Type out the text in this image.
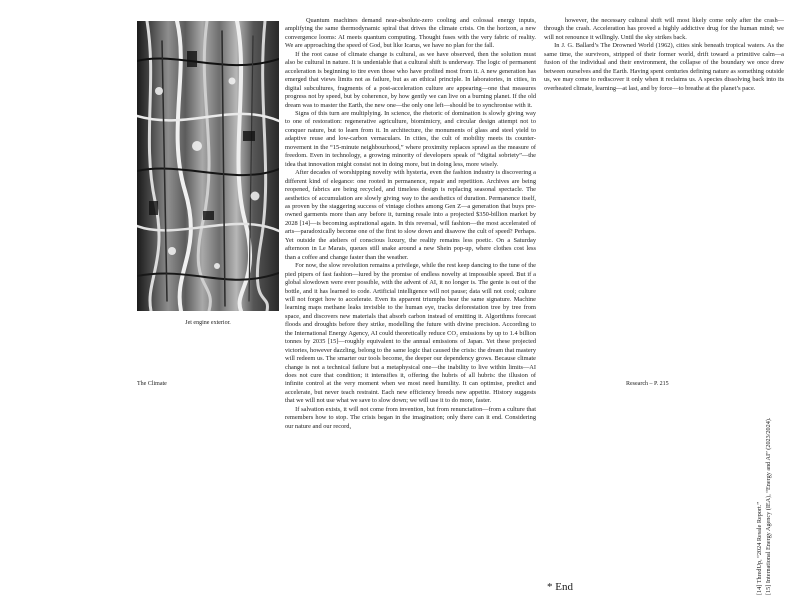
Jet engine exterior.
The Climate	Research – P. 215

Quantum machines demand near-absolute-zero cooling and colossal energy inputs, amplifying the same thermodynamic spiral that drives the climate crisis. On the horizon, a new convergence looms: AI meets quantum computing. Thought fuses with the very fabric of reality. We are approaching the speed of God, but like Icarus, we have no plan for the fall.

If the root cause of climate change is cultural, as we have observed, then the solution must also be cultural in nature. It is undeniable that a cultural shift is underway. The logic of permanent acceleration is beginning to tire even those who have profited most from it. A new generation has emerged that views limits not as failure, but as an ethical principle. In laboratories, in cities, in digital subcultures, fragments of a post-acceleration culture are appearing—one that measures progress not by speed, but by coherence, by how gently we can live on a burning planet. If the old dream was to master the Earth, the new one—the only one left—should be to synchronise with it.

Signs of this turn are multiplying. In science, the rhetoric of domination is slowly giving way to one of restoration: regenerative agriculture, biomimicry, and circular design attempt not to conquer nature, but to learn from it. In architecture, the monuments of glass and steel yield to adaptive reuse and low-carbon vernaculars. In cities, the cult of mobility meets its counter-movement in the “15-minute neighbourhood,” where proximity replaces sprawl as the measure of freedom. Even in technology, a growing minority of developers speak of “digital sobriety”—the idea that innovation might consist not in doing more, but in doing less, more wisely.

After decades of worshipping novelty with hysteria, even the fashion industry is discovering a different kind of elegance: one rooted in permanence, repair and repetition. Archives are being reopened, fabrics are being recycled, and timeless design is replacing seasonal spectacle. The aesthetics of accumulation are slowly giving way to the aesthetics of duration. Permanence itself, as proven by the staggering success of vintage clothes among Gen Z—a generation that buys pre-owned garments more than any before it, turning resale into a projected $350-billion market by 2028 [14]—is becoming aspirational again. In this reversal, will fashion—the most accelerated of arts—paradoxically become one of the first to slow down and disavow the cult of speed? Perhaps. Yet outside the ateliers of conscious luxury, the reality remains less poetic. On a Saturday afternoon in Le Marais, queues still snake around a new Shein pop-up, where clothes cost less than a coffee and change faster than the weather.

For now, the slow revolution remains a privilege, while the rest keep dancing to the tune of the pied pipers of fast fashion—lured by the promise of endless novelty at impossible speed. But if a global slowdown were ever possible, with the advent of AI, it no longer is. The genie is out of the bottle, and it has learned to code. Artificial intelligence will not pause; data will not cool; culture will not forget how to accelerate. Even its apparent triumphs bear the same signature. Machine learning maps methane leaks invisible to the human eye, tracks deforestation tree by tree from space, and discovers new materials that absorb carbon instead of emitting it. Algorithms forecast floods and droughts before they strike, modelling the future with divine precision. According to the International Energy Agency, AI could theoretically reduce CO₂ emissions by up to 1.4 billion tonnes by 2035 [15]—roughly equivalent to the annual emissions of Japan. Yet these projected victories, however dazzling, belong to the same logic that caused the crisis: the dream that mastery will redeem us. The smarter our tools become, the deeper our dependency grows. Because climate change is not a technical failure but a metaphysical one—the inability to live within limits—AI does not cure that condition; it intensifies it, offering the hubris of all hubris: the illusion of infinite control at the very moment when we most need humility. It can optimise, predict and accelerate, but never teach restraint. Each new efficiency breeds new appetite. History suggests that we will not use what we save to slow down; we will use it to do more, faster.

If salvation exists, it will not come from invention, but from renunciation—from a culture that remembers how to stop. The crisis began in the imagination; only there can it end. Considering our nature and our record,

however, the necessary cultural shift will most likely come only after the crash—through the crash. Acceleration has proved a highly addictive drug for the human mind; we will not renounce it willingly. Until the sky strikes back.

In J. G. Ballard’s The Drowned World (1962), cities sink beneath tropical waters. As the same time, the survivors, stripped of their former world, drift toward a primitive calm—a fusion of the individual and their environment, the collapse of the boundary we once drew between ourselves and the Earth. Having spent centuries defining nature as something outside us, we may come to rediscover it only when it reclaims us. A species dissolving back into its overheated climate, learning—at last, and by force—to breathe at the planet’s pace.

* End	[14] ThredUp, “2024 Resale Report.” [15] International Energy Agency (IEA), “Energy and AI” (2023/2024).
